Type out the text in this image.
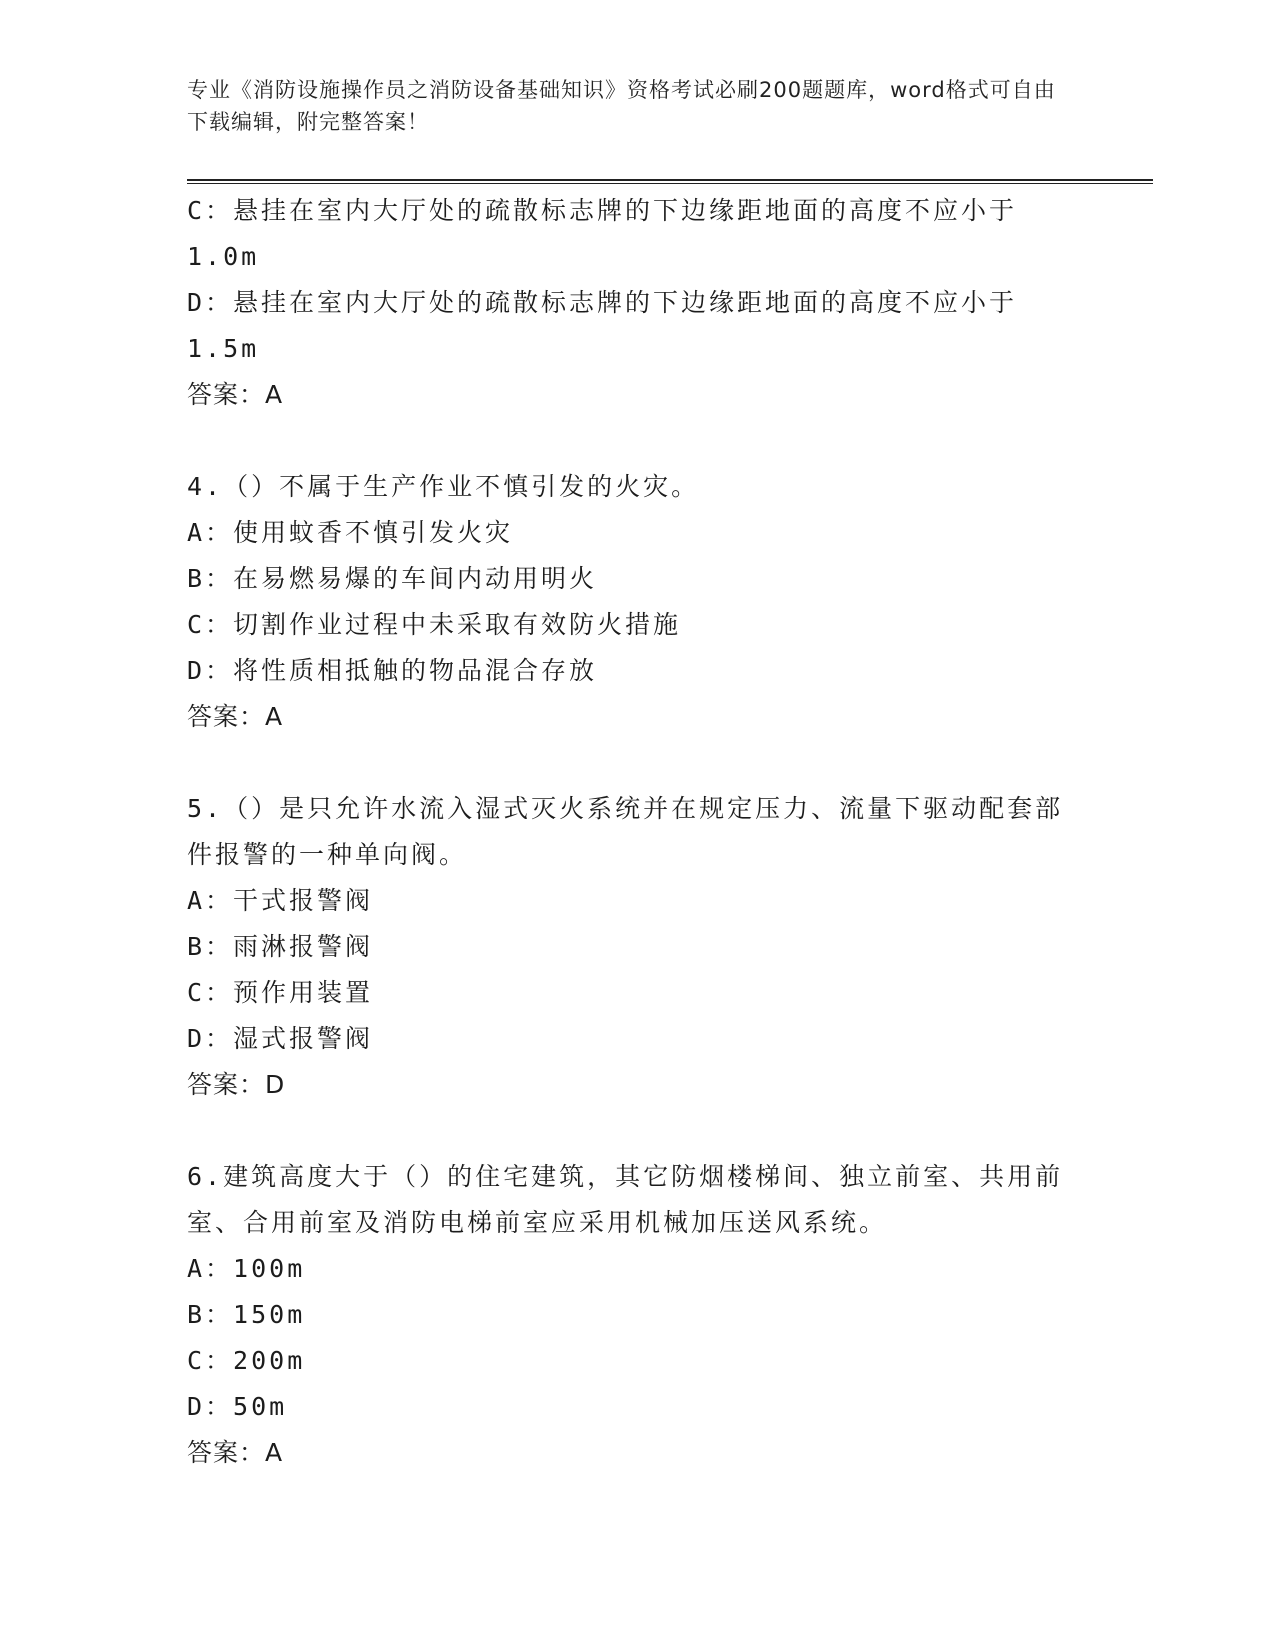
专业《消防设施操作员之消防设备基础知识》资格考试必刷200题题库，word格式可自由下载编辑，附完整答案！
C：悬挂在室内大厅处的疏散标志牌的下边缘距地面的高度不应小于1.0m
D：悬挂在室内大厅处的疏散标志牌的下边缘距地面的高度不应小于1.5m
答案：A
4.（）不属于生产作业不慎引发的火灾。
A：使用蚊香不慎引发火灾
B：在易燃易爆的车间内动用明火
C：切割作业过程中未采取有效防火措施
D：将性质相抵触的物品混合存放
答案：A
5.（）是只允许水流入湿式灭火系统并在规定压力、流量下驱动配套部件报警的一种单向阀。
A：干式报警阀
B：雨淋报警阀
C：预作用装置
D：湿式报警阀
答案：D
6.建筑高度大于（）的住宅建筑，其它防烟楼梯间、独立前室、共用前室、合用前室及消防电梯前室应采用机械加压送风系统。
A：100m
B：150m
C：200m
D：50m
答案：A
